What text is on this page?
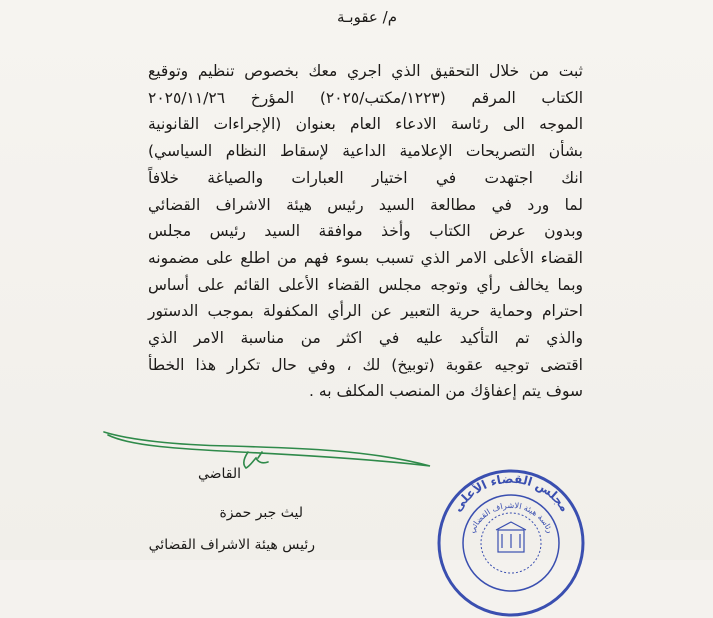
م/ عقوبـة
ثبت من خلال التحقيق الذي اجري معك بخصوص تنظيم وتوقيع
الكتاب المرقم (١٢٢٣/مكتب/٢٠٢٥) المؤرخ ٢٠٢٥/١١/٢٦
الموجه الى رئاسة الادعاء العام بعنوان (الإجراءات القانونية
بشأن التصريحات الإعلامية الداعية لإسقاط النظام السياسي)
انك اجتهدت في اختيار العبارات والصياغة خلافاً
لما ورد في مطالعة السيد رئيس هيئة الاشراف القضائي
وبدون عرض الكتاب وأخذ موافقة السيد رئيس مجلس
القضاء الأعلى الامر الذي تسبب بسوء فهم من اطلع على مضمونه
وبما يخالف رأي وتوجه مجلس القضاء الأعلى القائم على أساس
احترام وحماية حرية التعبير عن الرأي المكفولة بموجب الدستور
والذي تم التأكيد عليه في اكثر من مناسبة الامر الذي
اقتضى توجيه عقوبة (توبيخ) لك ، وفي حال تكرار هذا الخطأ
سوف يتم إعفاؤك من المنصب المكلف به .
القاضي
ليث جبر حمزة
رئيس هيئة الاشراف القضائي
مجلس القضاء الأعلى
رئاسة هيئة الاشراف القضائي
